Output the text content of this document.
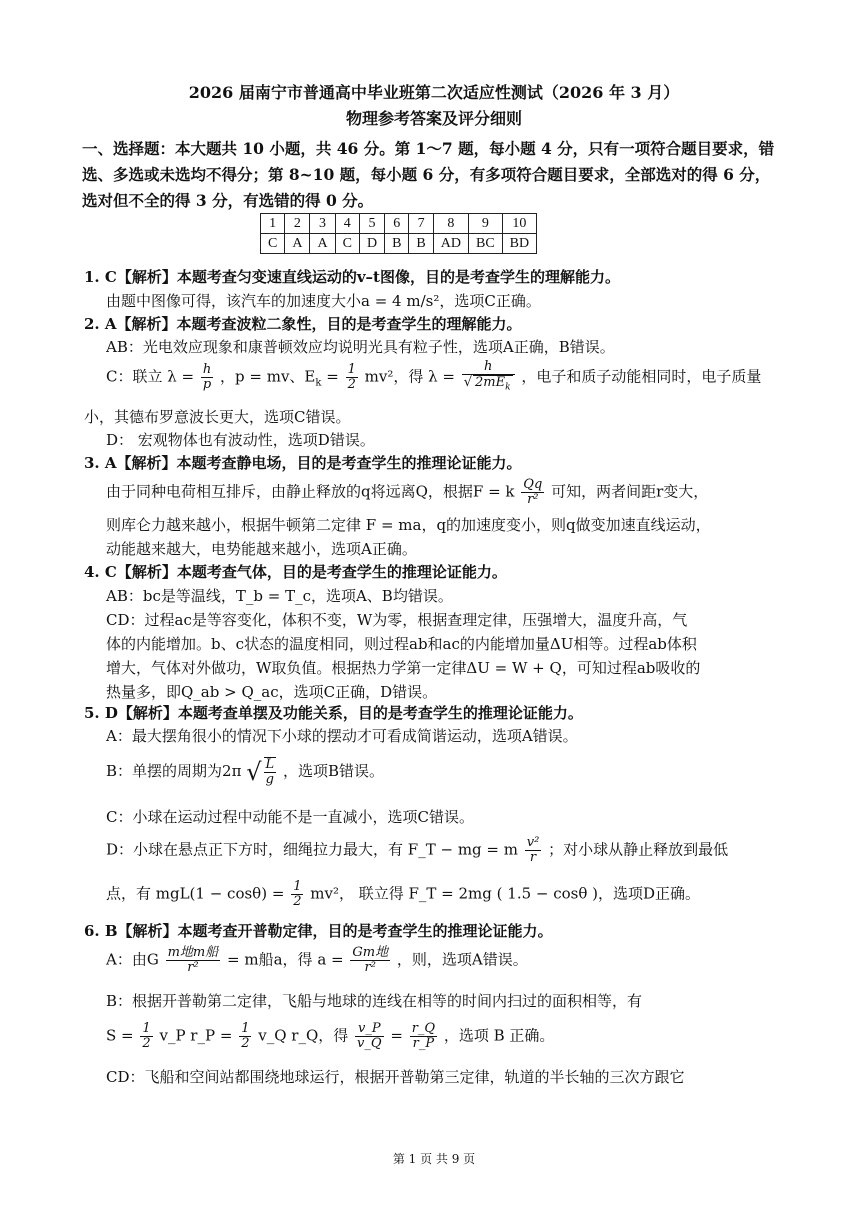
2026 届南宁市普通高中毕业班第二次适应性测试（2026 年 3 月）
物理参考答案及评分细则
一、选择题：本大题共 10 小题，共 46 分。第 1～7 题，每小题 4 分，只有一项符合题目要求，错选、多选或未选均不得分；第 8~10 题，每小题 6 分，有多项符合题目要求，全部选对的得 6 分，选对但不全的得 3 分，有选错的得 0 分。
1	2	3	4	5	6	7	8	9	10
C	A	A	C	D	B	B	AD	BC	BD
1. C【解析】本题考查匀变速直线运动的v–t图像，目的是考查学生的理解能力。
由题中图像可得，该汽车的加速度大小a = 4 m/s²，选项C正确。
2. A【解析】本题考查波粒二象性，目的是考查学生的理解能力。
AB：光电效应现象和康普顿效应均说明光具有粒子性，选项A正确，B错误。
C：联立 $\lambda = \frac{h}{p}$ ，p = mv、$E_k = \frac{1}{2} mv^2$，得 $\lambda = \frac{h}{√ 2mE_k}$ ，电子和质子动能相同时，电子质量
小，其德布罗意波长更大，选项C错误。
D： 宏观物体也有波动性，选项D错误。
3. A【解析】本题考查静电场，目的是考查学生的推理论证能力。
由于同种电荷相互排斥，由静止释放的q将远离Q，根据F = k $\frac{Qq}{\text{r²}}$ 可知，两者间距r变大，
则库仑力越来越小，根据牛顿第二定律 F = ma，q的加速度变小，则q做变加速直线运动，
动能越来越大，电势能越来越小，选项A正确。
4. C【解析】本题考查气体，目的是考查学生的推理论证能力。
AB：bc是等温线，T_b = T_c，选项A、B均错误。
CD：过程ac是等容变化，体积不变，W为零，根据查理定律，压强增大，温度升高，气
体的内能增加。b、c状态的温度相同，则过程ab和ac的内能增加量ΔU相等。过程ab体积
增大，气体对外做功，W取负值。根据热力学第一定律ΔU = W + Q，可知过程ab吸收的
热量多，即Q_ab > Q_ac，选项C正确，D错误。
5. D【解析】本题考查单摆及功能关系，目的是考查学生的推理论证能力。
A：最大摆角很小的情况下小球的摆动才可看成简谐运动，选项A错误。
B：单摆的周期为2π √ $\frac{L}{g}$ ，选项B错误。
C：小球在运动过程中动能不是一直减小，选项C错误。
D：小球在悬点正下方时，细绳拉力最大，有 F_T − mg = m $\frac{\text{v²}}{r}$ ；对小球从静止释放到最低
点，有 $mgL(1 - \cos\theta) = \frac{1}{2} mv^2$， 联立得 F_T = 2mg ( 1.5 − cosθ )，选项D正确。
6. B【解析】本题考查开普勒定律，目的是考查学生的推理论证能力。
A：由G $\frac{\text{m地m船}}{\text{r²}} = m$船a，得 $a = \frac{\text{Gm地}}{\text{r²}}$ ，则，选项A错误。
B：根据开普勒第二定律，飞船与地球的连线在相等的时间内扫过的面积相等，有
$S = \frac{1}{2}$ v_P r_P = $\frac{1}{2}$ v_Q r_Q，得 $\frac{v\_P}{v\_Q} = \frac{r\_Q}{r\_P}$ ，选项 B 正确。
CD：飞船和空间站都围绕地球运行，根据开普勒第三定律，轨道的半长轴的三次方跟它
第 1 页 共 9 页
